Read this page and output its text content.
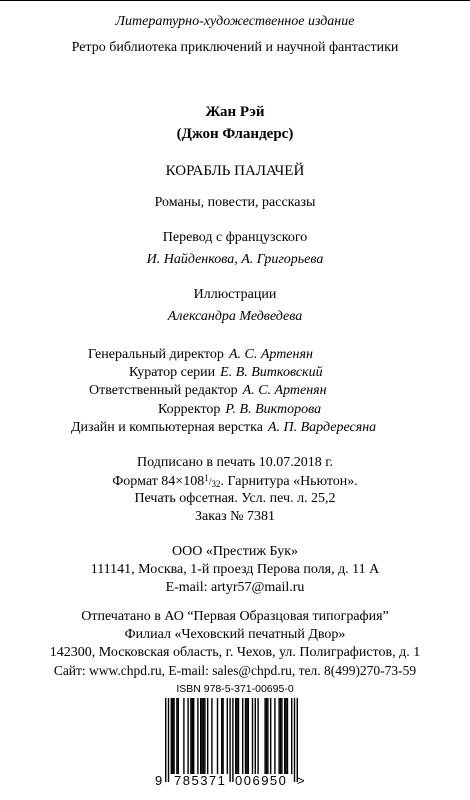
Литературно-художественное издание
Ретро библиотека приключений и научной фантастики
Жан Рэй
(Джон Фландерс)
КОРАБЛЬ ПАЛАЧЕЙ
Романы, повести, рассказы
Перевод с французского
И. Найденкова, А. Григорьева
Иллюстрации
Александра Медведева
Генеральный директор А. С. Артенян
Куратор серии Е. В. Витковский
Ответственный редактор А. С. Артенян
Корректор Р. В. Викторова
Дизайн и компьютерная верстка А. П. Вардересяна
Подписано в печать 10.07.2018 г.
Формат $84\times 108^1/_{32}$. Гарнитура «Ньютон».
Печать офсетная. Усл. печ. л. 25,2
Заказ № 7381
ООО «Престиж Бук»
111141, Москва, 1-й проезд Перова поля, д. 11 А
E-mail: artyr57@mail.ru
Отпечатано в АО “Первая Образцовая типография”
Филиал «Чеховский печатный Двор»
142300, Московская область, г. Чехов, ул. Полиграфистов, д. 1
Сайт: www.chpd.ru, E-mail: sales@chpd.ru, тел. 8(499)270-73-59
ISBN 978-5-371-00695-0
9 785371 006950 >
